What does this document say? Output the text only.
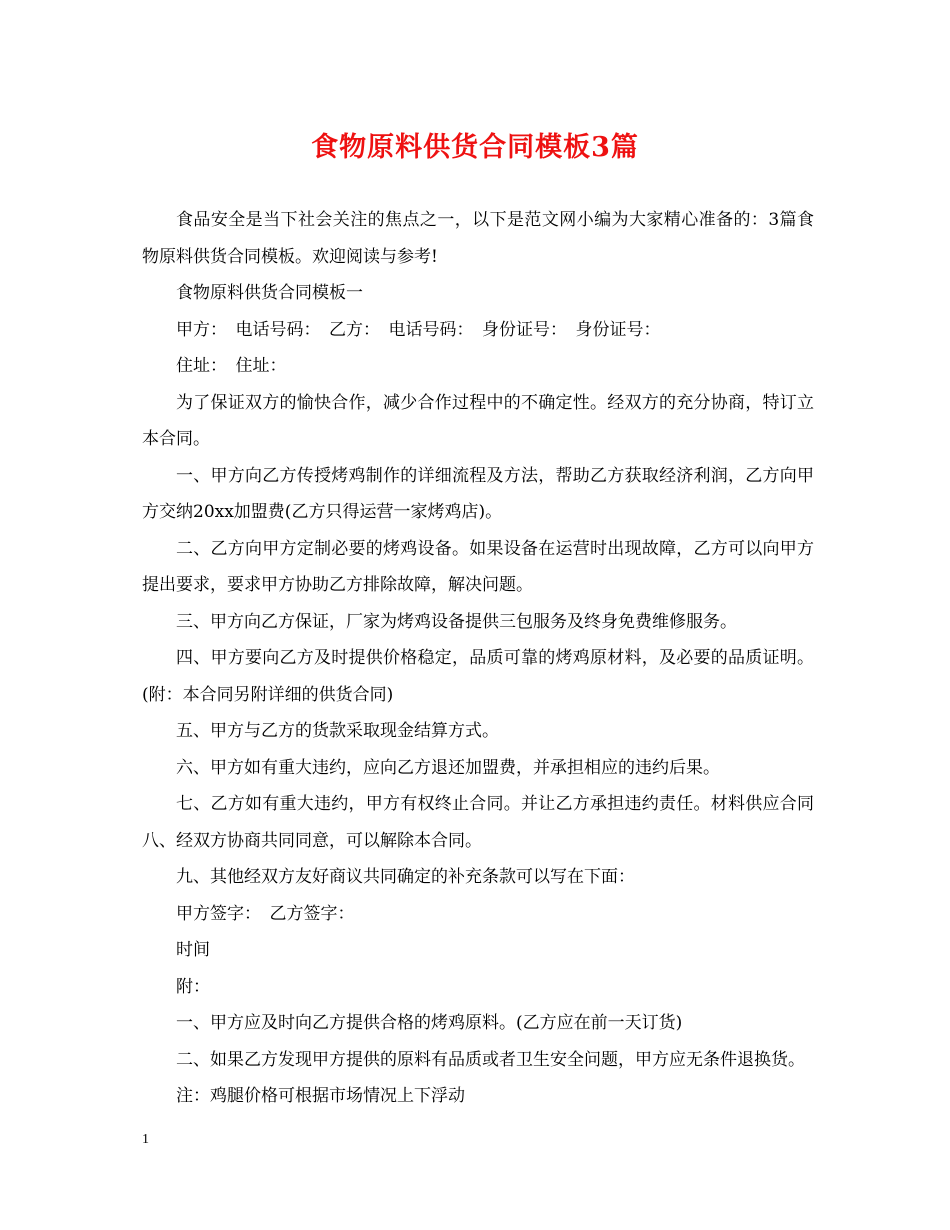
食物原料供货合同模板3篇

食品安全是当下社会关注的焦点之一，以下是范文网小编为大家精心准备的：3篇食物原料供货合同模板。欢迎阅读与参考!

食物原料供货合同模板一

甲方：　电话号码：　乙方：　电话号码：　身份证号：　身份证号：

住址：　住址：

为了保证双方的愉快合作，减少合作过程中的不确定性。经双方的充分协商，特订立本合同。

一、甲方向乙方传授烤鸡制作的详细流程及方法，帮助乙方获取经济利润，乙方向甲方交纳20xx加盟费(乙方只得运营一家烤鸡店)。

二、乙方向甲方定制必要的烤鸡设备。如果设备在运营时出现故障，乙方可以向甲方提出要求，要求甲方协助乙方排除故障，解决问题。

三、甲方向乙方保证，厂家为烤鸡设备提供三包服务及终身免费维修服务。

四、甲方要向乙方及时提供价格稳定，品质可靠的烤鸡原材料，及必要的品质证明。(附：本合同另附详细的供货合同)

五、甲方与乙方的货款采取现金结算方式。

六、甲方如有重大违约，应向乙方退还加盟费，并承担相应的违约后果。

七、乙方如有重大违约，甲方有权终止合同。并让乙方承担违约责任。材料供应合同八、经双方协商共同同意，可以解除本合同。

九、其他经双方友好商议共同确定的补充条款可以写在下面：

甲方签字：　乙方签字：

时间

附：

一、甲方应及时向乙方提供合格的烤鸡原料。(乙方应在前一天订货)

二、如果乙方发现甲方提供的原料有品质或者卫生安全问题，甲方应无条件退换货。

注：鸡腿价格可根据市场情况上下浮动

1
